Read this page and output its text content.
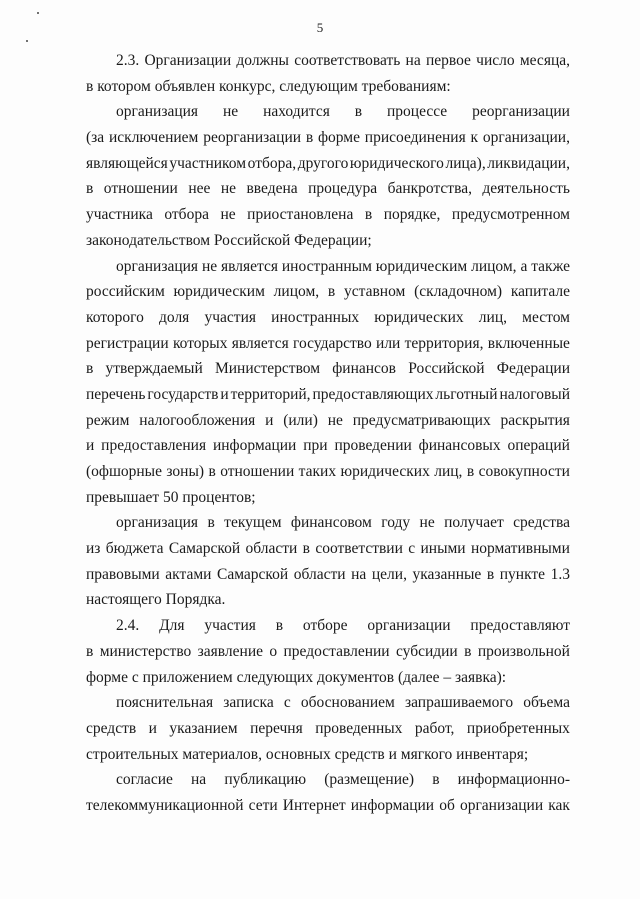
5
2.3. Организации должны соответствовать на первое число месяца,
в котором объявлен конкурс, следующим требованиям:
организация не находится в процессе реорганизации
(за исключением реорганизации в форме присоединения к организации,
являющейся участником отбора, другого юридического лица), ликвидации,
в отношении нее не введена процедура банкротства, деятельность
участника отбора не приостановлена в порядке, предусмотренном
законодательством Российской Федерации;
организация не является иностранным юридическим лицом, а также
российским юридическим лицом, в уставном (складочном) капитале
которого доля участия иностранных юридических лиц, местом
регистрации которых является государство или территория, включенные
в утверждаемый Министерством финансов Российской Федерации
перечень государств и территорий, предоставляющих льготный налоговый
режим налогообложения и (или) не предусматривающих раскрытия
и предоставления информации при проведении финансовых операций
(офшорные зоны) в отношении таких юридических лиц, в совокупности
превышает 50 процентов;
организация в текущем финансовом году не получает средства
из бюджета Самарской области в соответствии с иными нормативными
правовыми актами Самарской области на цели, указанные в пункте 1.3
настоящего Порядка.
2.4. Для участия в отборе организации предоставляют
в министерство заявление о предоставлении субсидии в произвольной
форме с приложением следующих документов (далее – заявка):
пояснительная записка с обоснованием запрашиваемого объема
средств и указанием перечня проведенных работ, приобретенных
строительных материалов, основных средств и мягкого инвентаря;
согласие на публикацию (размещение) в информационно-
телекоммуникационной сети Интернет информации об организации как
